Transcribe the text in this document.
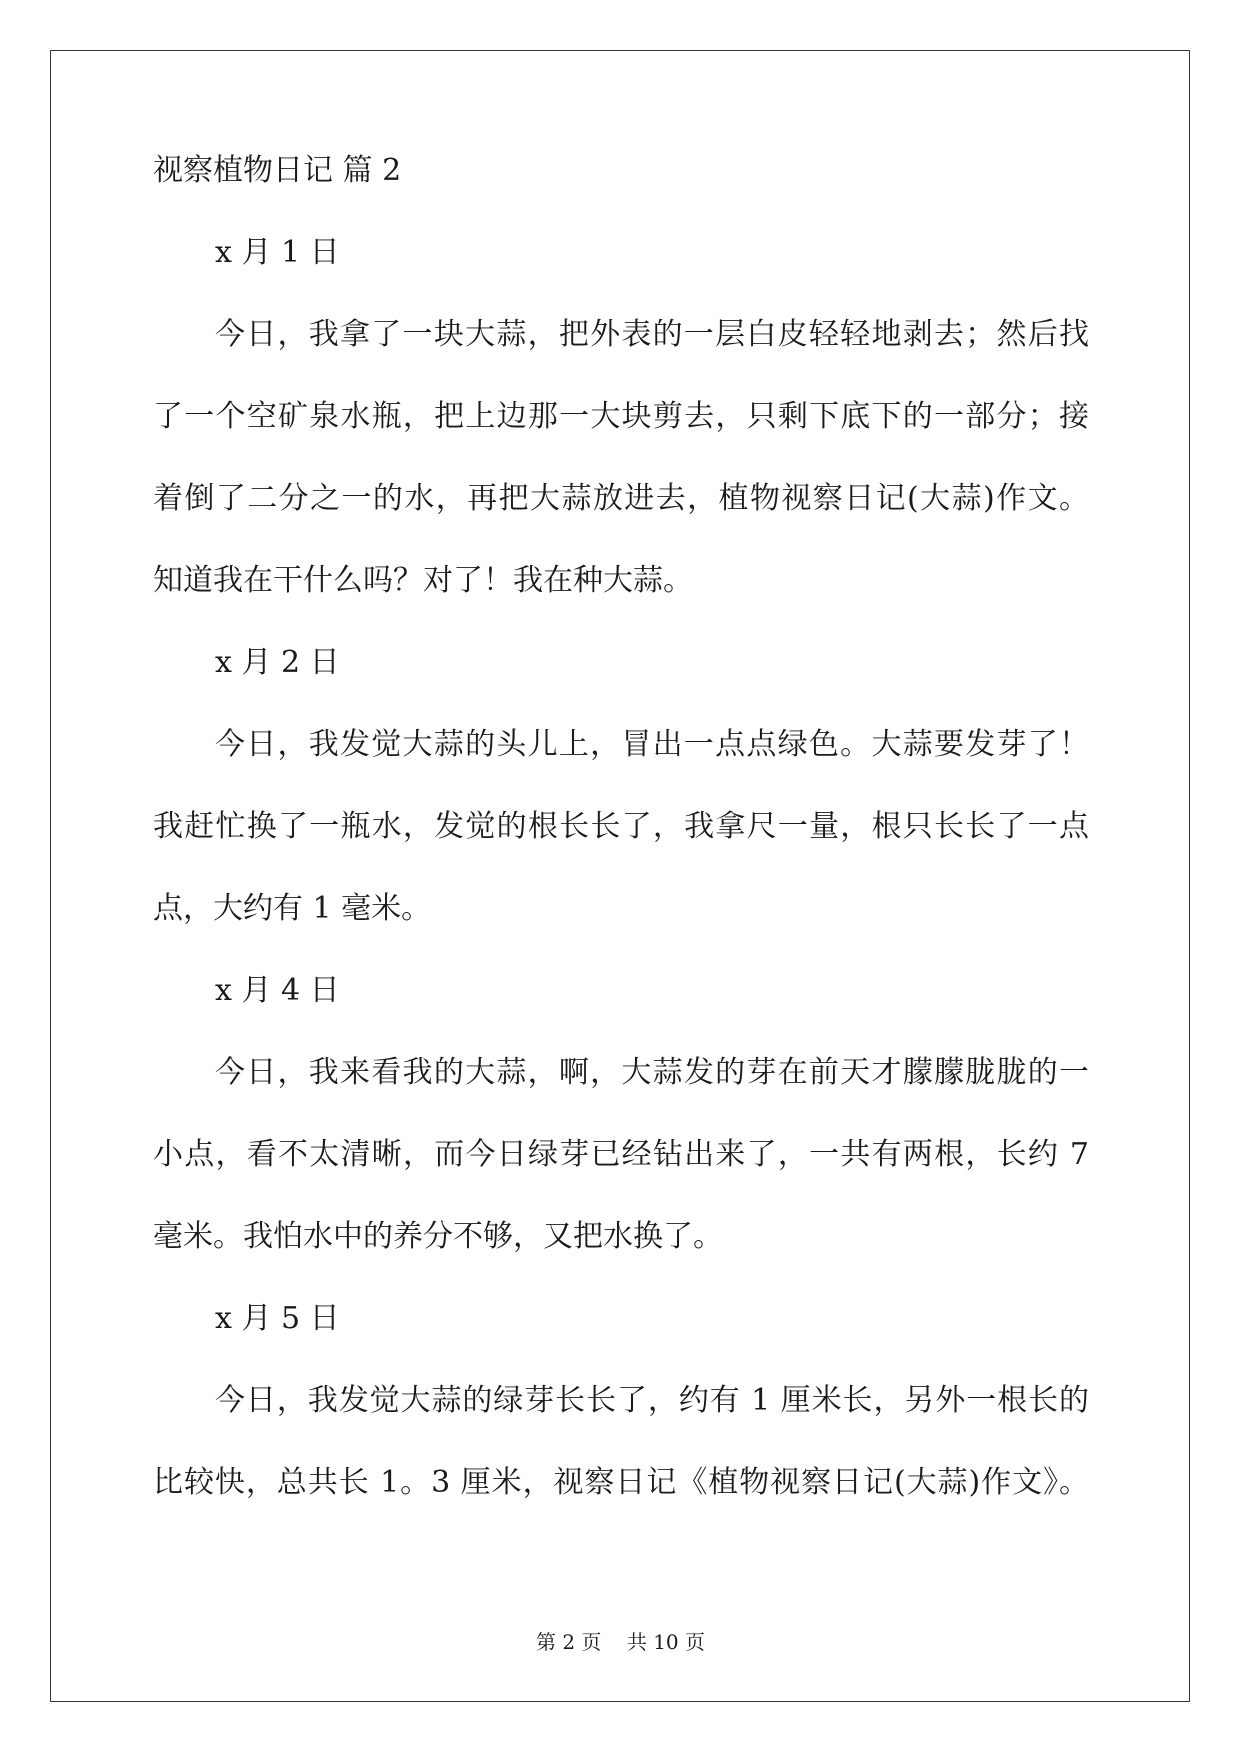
视察植物日记 篇 2

x 月 1 日

今日，我拿了一块大蒜，把外表的一层白皮轻轻地剥去；然后找

了一个空矿泉水瓶，把上边那一大块剪去，只剩下底下的一部分；接

着倒了二分之一的水，再把大蒜放进去，植物视察日记(大蒜)作文。

知道我在干什么吗？对了！我在种大蒜。

x 月 2 日

今日，我发觉大蒜的头儿上，冒出一点点绿色。大蒜要发芽了！

我赶忙换了一瓶水，发觉的根长长了，我拿尺一量，根只长长了一点

点，大约有 1 毫米。

x 月 4 日

今日，我来看我的大蒜，啊，大蒜发的芽在前天才朦朦胧胧的一

小点，看不太清晰，而今日绿芽已经钻出来了，一共有两根，长约 7

毫米。我怕水中的养分不够，又把水换了。

x 月 5 日

今日，我发觉大蒜的绿芽长长了，约有 1 厘米长，另外一根长的

比较快，总共长 1。3 厘米，视察日记《植物视察日记(大蒜)作文》。

第 2 页    共 10 页
